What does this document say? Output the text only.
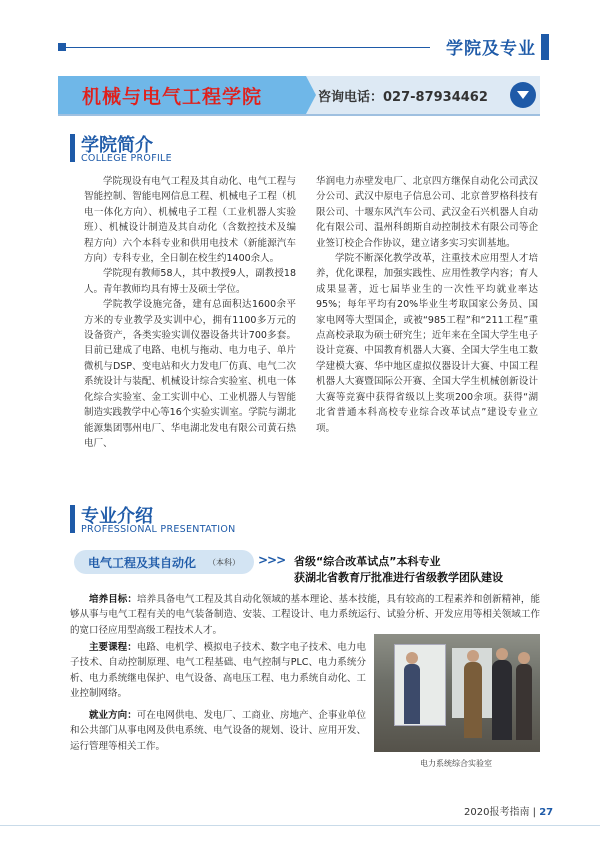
学院及专业
机械与电气工程学院	咨询电话：027-87934462
学院简介
COLLEGE PROFILE

学院现设有电气工程及其自动化、电气工程与智能控制、智能电网信息工程、机械电子工程（机电一体化方向）、机械电子工程（工业机器人实验班）、机械设计制造及其自动化（含数控技术及编程方向）六个本科专业和供用电技术（新能源汽车方向）专科专业，全日制在校生约1400余人。

学院现有教师58人，其中教授9人，副教授18人。青年教师均具有博士及硕士学位。

学院教学设施完备，建有总面积达1600余平方米的专业教学及实训中心，拥有1100多万元的设备资产，各类实验实训仪器设备共计700多套。目前已建成了电路、电机与拖动、电力电子、单片微机与DSP、变电站和火力发电厂仿真、电气二次系统设计与装配、机械设计综合实验室、机电一体化综合实验室、金工实训中心、工业机器人与智能制造实践教学中心等16个实验实训室。学院与湖北能源集团鄂州电厂、华电湖北发电有限公司黄石热电厂、

华润电力赤壁发电厂、北京四方继保自动化公司武汉分公司、武汉中原电子信息公司、北京普罗格科技有限公司、十堰东风汽车公司、武汉金石兴机器人自动化有限公司、温州科朗斯自动控制技术有限公司等企业签订校企合作协议，建立诸多实习实训基地。

学院不断深化教学改革，注重技术应用型人才培养，优化课程，加强实践性、应用性教学内容；育人成果显著，近七届毕业生的一次性平均就业率达95%；每年平均有20%毕业生考取国家公务员、国家电网等大型国企，或被“985工程”和“211工程”重点高校录取为硕士研究生；近年来在全国大学生电子设计竞赛、中国教育机器人大赛、全国大学生电工数学建模大赛、华中地区虚拟仪器设计大赛、中国工程机器人大赛暨国际公开赛、全国大学生机械创新设计大赛等竞赛中获得省级以上奖项200余项。获得“湖北省普通本科高校专业综合改革试点”建设专业立项。

专业介绍
PROFESSIONAL PRESENTATION
电气工程及其自动化 （本科） >>> 省级“综合改革试点”本科专业
获湖北省教育厅批准进行省级教学团队建设
培养目标：培养具备电气工程及其自动化领域的基本理论、基本技能，具有较高的工程素养和创新精神，能够从事与电气工程有关的电气装备制造、安装、工程设计、电力系统运行、试验分析、开发应用等相关领域工作的宽口径应用型高级工程技术人才。
主要课程：电路、电机学、模拟电子技术、数字电子技术、电力电子技术、自动控制原理、电气工程基础、电气控制与PLC、电力系统分析、电力系统继电保护、电气设备、高电压工程、电力系统自动化、工业控制网络。
就业方向：可在电网供电、发电厂、工商业、房地产、企事业单位和公共部门从事电网及供电系统、电气设备的规划、设计、应用开发、运行管理等相关工作。
电力系统综合实验室
2020报考指南 | 27
